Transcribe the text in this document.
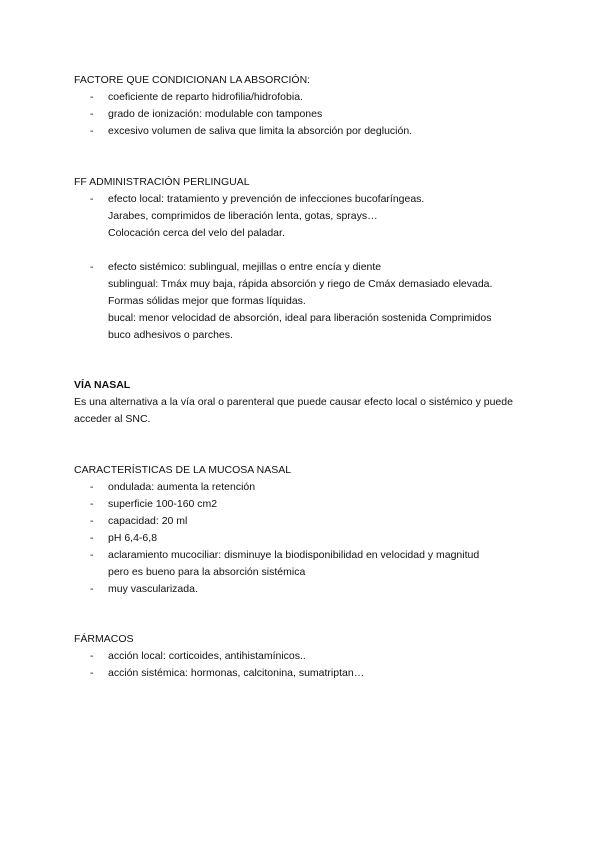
FACTORE QUE CONDICIONAN LA ABSORCIÓN:
- coeficiente de reparto hidrofilia/hidrofobia.
- grado de ionización: modulable con tampones
- excesivo volumen de saliva que limita la absorción por deglución.
FF ADMINISTRACIÓN PERLINGUAL
- efecto local: tratamiento y prevención de infecciones bucofaríngeas.
Jarabes, comprimidos de liberación lenta, gotas, sprays…
Colocación cerca del velo del paladar.
- efecto sistémico: sublingual, mejillas o entre encía y diente
sublingual: Tmáx muy baja, rápida absorción y riego de Cmáx demasiado elevada.
Formas sólidas mejor que formas líquidas.
bucal: menor velocidad de absorción, ideal para liberación sostenida Comprimidos
buco adhesivos o parches.
VÍA NASAL
Es una alternativa a la vía oral o parenteral que puede causar efecto local o sistémico y puede acceder al SNC.
CARACTERÍSTICAS DE LA MUCOSA NASAL
- ondulada: aumenta la retención
- superficie 100-160 cm2
- capacidad: 20 ml
- pH 6,4-6,8
- aclaramiento mucociliar: disminuye la biodisponibilidad en velocidad y magnitud
pero es bueno para la absorción sistémica
- muy vascularizada.
FÁRMACOS
- acción local: corticoides, antihistamínicos..
- acción sistémica: hormonas, calcitonina, sumatriptan…
